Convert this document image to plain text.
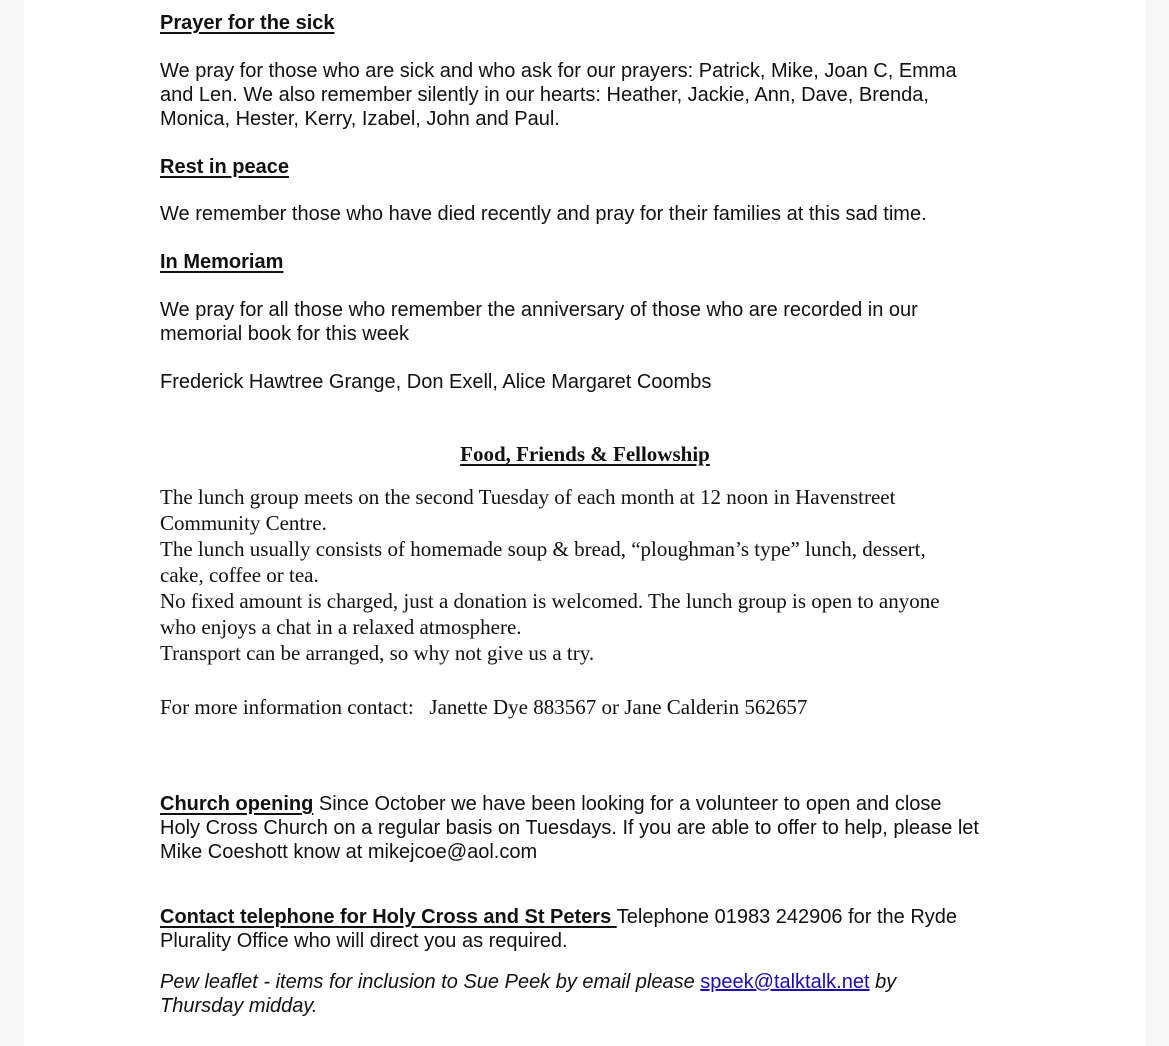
Prayer for the sick
We pray for those who are sick and who ask for our prayers: Patrick, Mike, Joan C, Emma
and Len. We also remember silently in our hearts: Heather, Jackie, Ann, Dave, Brenda,
Monica, Hester, Kerry, Izabel, John and Paul.
Rest in peace
We remember those who have died recently and pray for their families at this sad time.
In Memoriam
We pray for all those who remember the anniversary of those who are recorded in our
memorial book for this week
Frederick Hawtree Grange, Don Exell, Alice Margaret Coombs
Food, Friends & Fellowship
The lunch group meets on the second Tuesday of each month at 12 noon in Havenstreet
Community Centre.
The lunch usually consists of homemade soup & bread, “ploughman’s type” lunch, dessert,
cake, coffee or tea.
No fixed amount is charged, just a donation is welcomed. The lunch group is open to anyone
who enjoys a chat in a relaxed atmosphere.
Transport can be arranged, so why not give us a try.
For more information contact:   Janette Dye 883567 or Jane Calderin 562657
Church opening Since October we have been looking for a volunteer to open and close
Holy Cross Church on a regular basis on Tuesdays. If you are able to offer to help, please let
Mike Coeshott know at mikejcoe@aol.com
Contact telephone for Holy Cross and St Peters Telephone 01983 242906 for the Ryde
Plurality Office who will direct you as required.
Pew leaflet - items for inclusion to Sue Peek by email please speek@talktalk.net by
Thursday midday.
